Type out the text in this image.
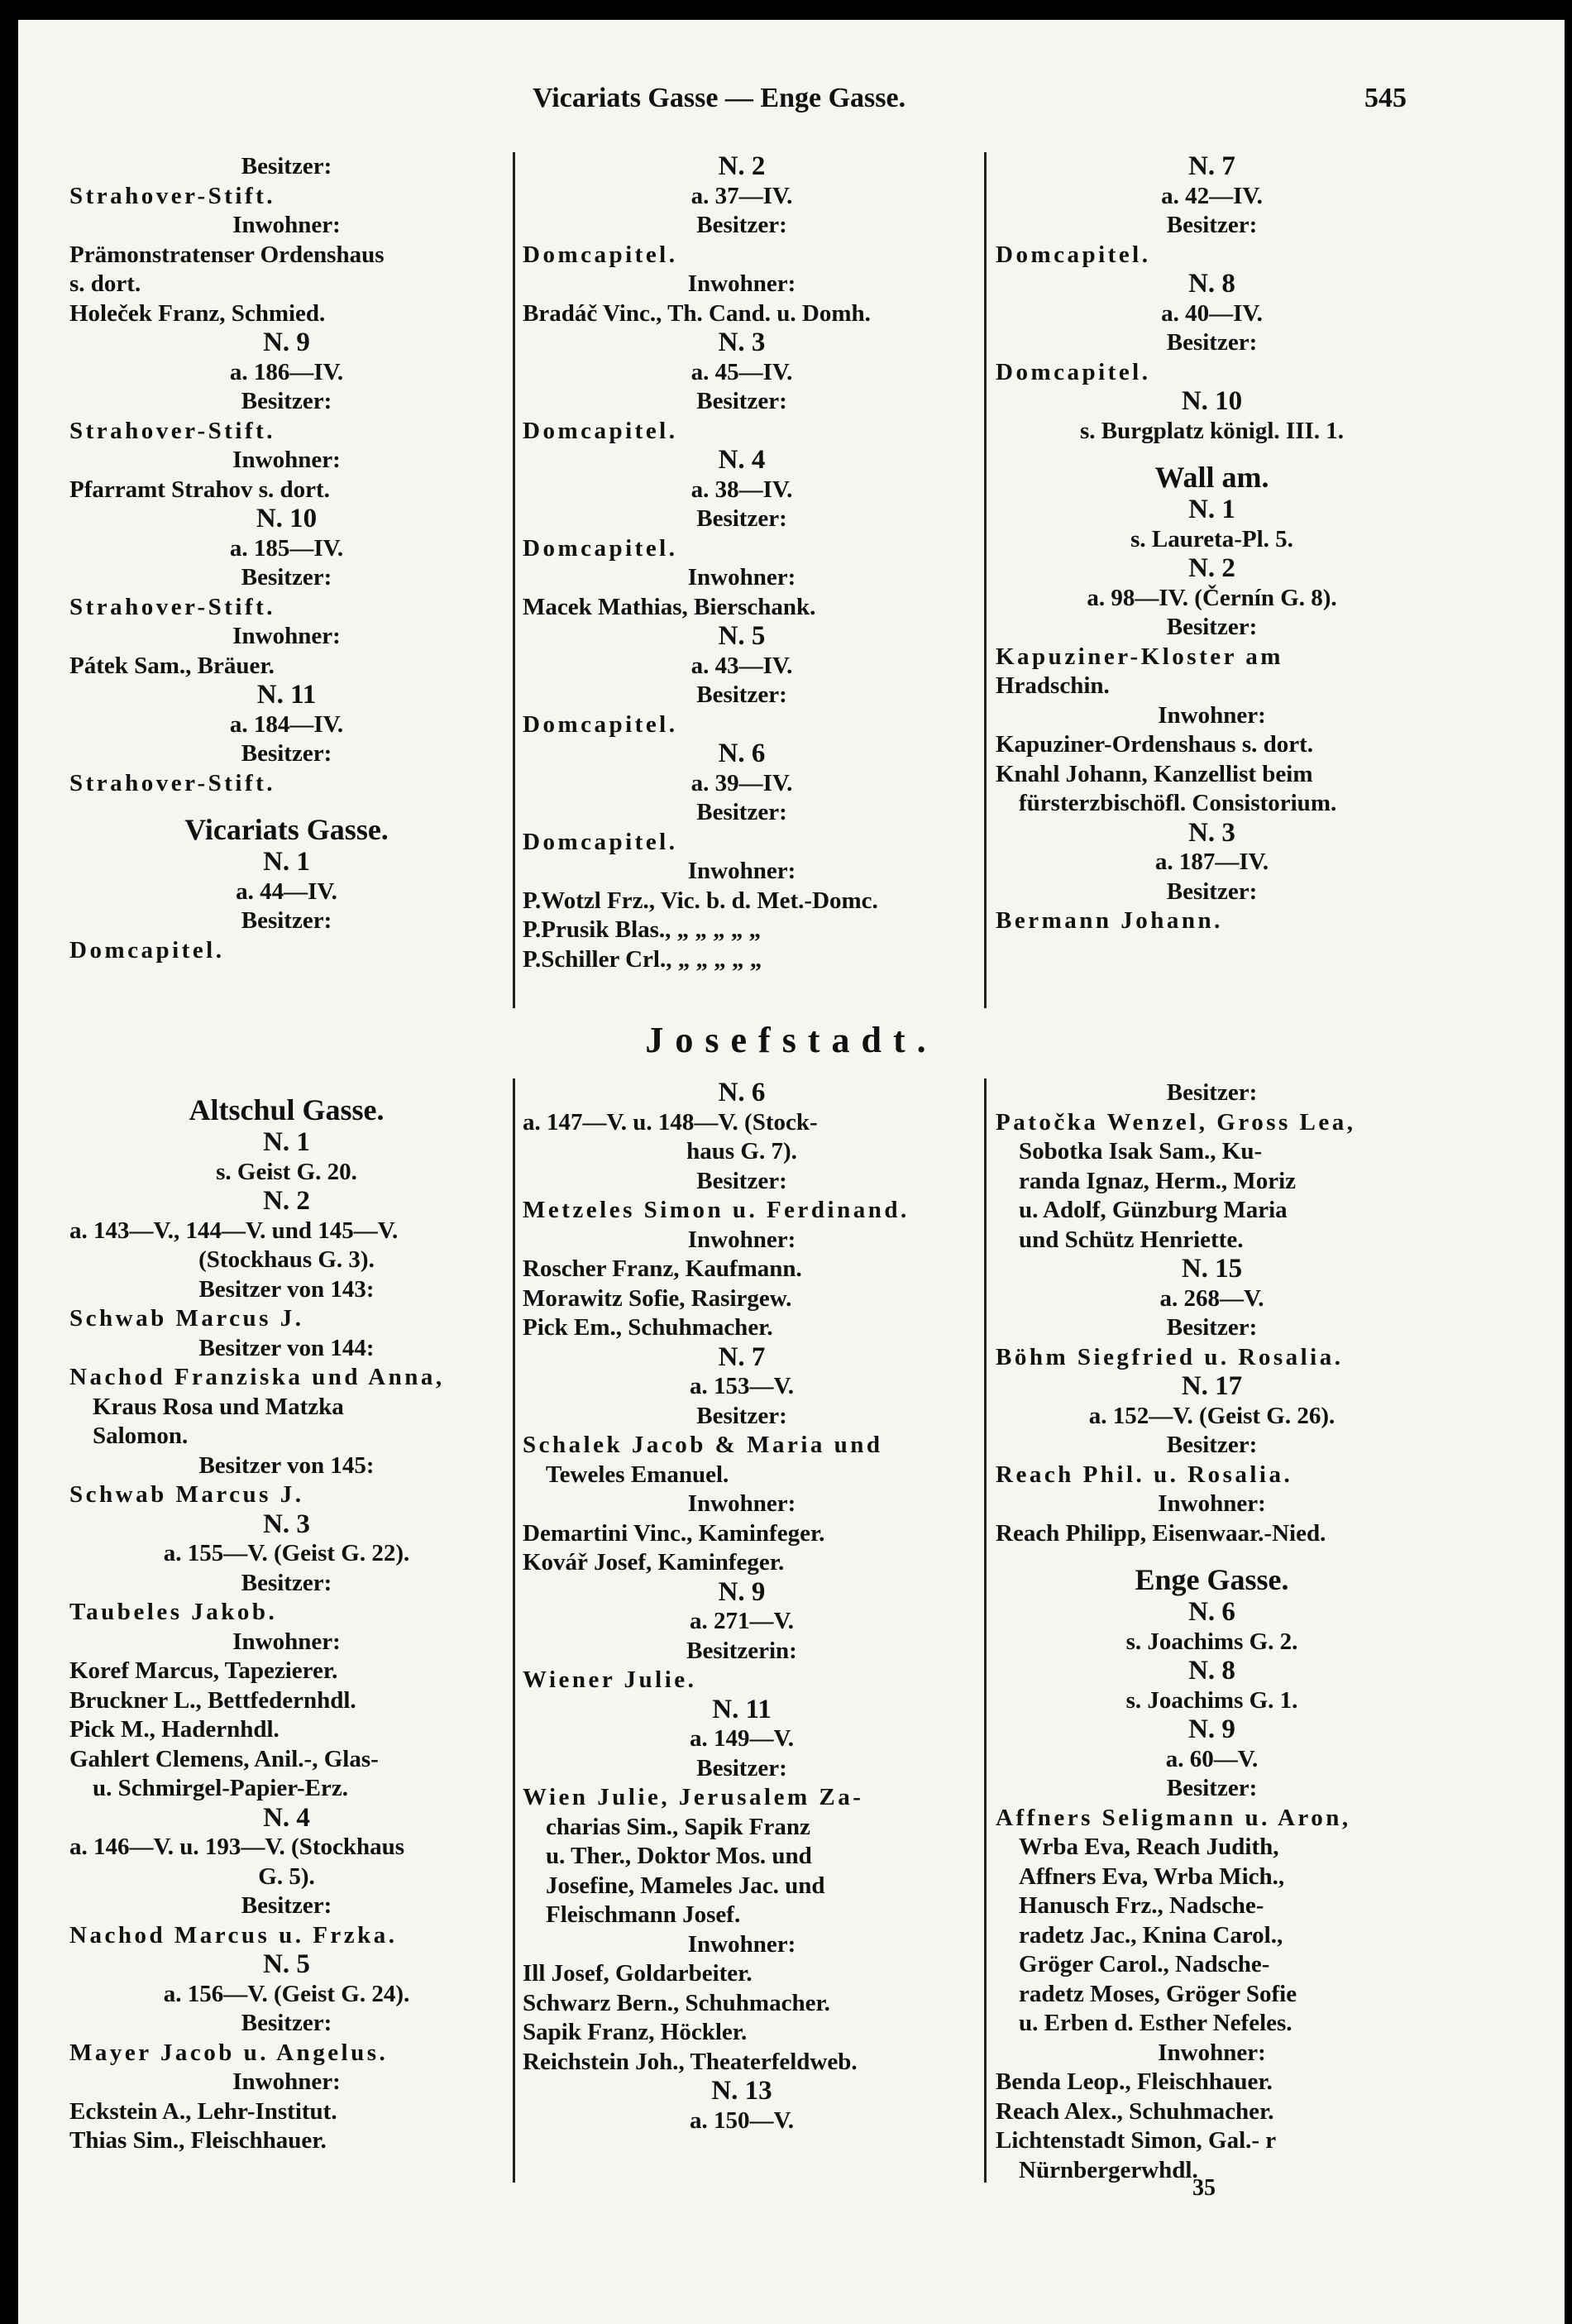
Vicariats Gasse — Enge Gasse.	545
Besitzer:
Strahover-Stift.
Inwohner:
Prämonstratenser Ordenshaus
s. dort.
Holeček Franz, Schmied.
N. 9
a. 186—IV.
Besitzer:
Strahover-Stift.
Inwohner:
Pfarramt Strahov s. dort.
N. 10
a. 185—IV.
Besitzer:
Strahover-Stift.
Inwohner:
Pátek Sam., Bräuer.
N. 11
a. 184—IV.
Besitzer:
Strahover-Stift.
Vicariats Gasse.
N. 1
a. 44—IV.
Besitzer:
Domcapitel.
N. 2
a. 37—IV.
Besitzer:
Domcapitel.
Inwohner:
Bradáč Vinc., Th. Cand. u. Domh.
N. 3
a. 45—IV.
Besitzer:
Domcapitel.
N. 4
a. 38—IV.
Besitzer:
Domcapitel.
Inwohner:
Macek Mathias, Bierschank.
N. 5
a. 43—IV.
Besitzer:
Domcapitel.
N. 6
a. 39—IV.
Besitzer:
Domcapitel.
Inwohner:
P.Wotzl Frz., Vic. b. d. Met.-Domc.
P.Prusik Blas., „ „ „ „ „
P.Schiller Crl., „ „ „ „ „
N. 7
a. 42—IV.
Besitzer:
Domcapitel.
N. 8
a. 40—IV.
Besitzer:
Domcapitel.
N. 10
s. Burgplatz königl. III. 1.
Wall am.
N. 1
s. Laureta-Pl. 5.
N. 2
a. 98—IV. (Černín G. 8).
Besitzer:
Kapuziner-Kloster am
Hradschin.
Inwohner:
Kapuziner-Ordenshaus s. dort.
Knahl Johann, Kanzellist beim
fürsterzbischöfl. Consistorium.
N. 3
a. 187—IV.
Besitzer:
Bermann Johann.
Josefstadt.
Altschul Gasse.
N. 1
s. Geist G. 20.
N. 2
a. 143—V., 144—V. und 145—V.
(Stockhaus G. 3).
Besitzer von 143:
Schwab Marcus J.
Besitzer von 144:
Nachod Franziska und Anna,
Kraus Rosa und Matzka
Salomon.
Besitzer von 145:
Schwab Marcus J.
N. 3
a. 155—V. (Geist G. 22).
Besitzer:
Taubeles Jakob.
Inwohner:
Koref Marcus, Tapezierer.
Bruckner L., Bettfedernhdl.
Pick M., Hadernhdl.
Gahlert Clemens, Anil.-, Glas-
u. Schmirgel-Papier-Erz.
N. 4
a. 146—V. u. 193—V. (Stockhaus
G. 5).
Besitzer:
Nachod Marcus u. Frzka.
N. 5
a. 156—V. (Geist G. 24).
Besitzer:
Mayer Jacob u. Angelus.
Inwohner:
Eckstein A., Lehr-Institut.
Thias Sim., Fleischhauer.
N. 6
a. 147—V. u. 148—V. (Stock-
haus G. 7).
Besitzer:
Metzeles Simon u. Ferdinand.
Inwohner:
Roscher Franz, Kaufmann.
Morawitz Sofie, Rasirgew.
Pick Em., Schuhmacher.
N. 7
a. 153—V.
Besitzer:
Schalek Jacob & Maria und
Teweles Emanuel.
Inwohner:
Demartini Vinc., Kaminfeger.
Kovář Josef, Kaminfeger.
N. 9
a. 271—V.
Besitzerin:
Wiener Julie.
N. 11
a. 149—V.
Besitzer:
Wien Julie, Jerusalem Za-
charias Sim., Sapik Franz
u. Ther., Doktor Mos. und
Josefine, Mameles Jac. und
Fleischmann Josef.
Inwohner:
Ill Josef, Goldarbeiter.
Schwarz Bern., Schuhmacher.
Sapik Franz, Höckler.
Reichstein Joh., Theaterfeldweb.
N. 13
a. 150—V.
Besitzer:
Patočka Wenzel, Gross Lea,
Sobotka Isak Sam., Ku-
randa Ignaz, Herm., Moriz
u. Adolf, Günzburg Maria
und Schütz Henriette.
N. 15
a. 268—V.
Besitzer:
Böhm Siegfried u. Rosalia.
N. 17
a. 152—V. (Geist G. 26).
Besitzer:
Reach Phil. u. Rosalia.
Inwohner:
Reach Philipp, Eisenwaar.-Nied.
Enge Gasse.
N. 6
s. Joachims G. 2.
N. 8
s. Joachims G. 1.
N. 9
a. 60—V.
Besitzer:
Affners Seligmann u. Aron,
Wrba Eva, Reach Judith,
Affners Eva, Wrba Mich.,
Hanusch Frz., Nadsche-
radetz Jac., Knina Carol.,
Gröger Carol., Nadsche-
radetz Moses, Gröger Sofie
u. Erben d. Esther Nefeles.
Inwohner:
Benda Leop., Fleischhauer.
Reach Alex., Schuhmacher.
Lichtenstadt Simon, Gal.- r
Nürnbergerwhdl.
35
